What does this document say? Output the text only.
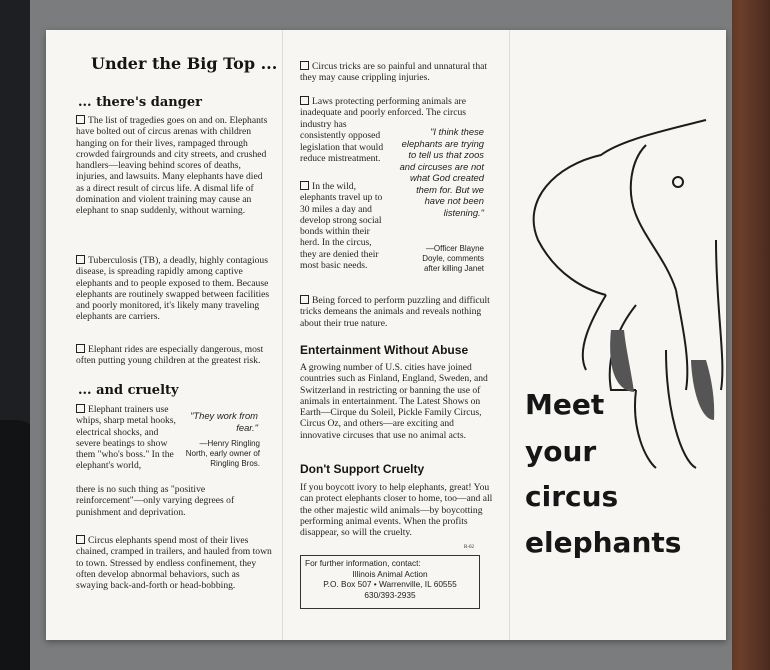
Under the Big Top ...
... there's danger
The list of tragedies goes on and on. Elephants have bolted out of circus arenas with children hanging on for their lives, rampaged through crowded fairgrounds and city streets, and crushed handlers—leaving behind scores of deaths, injuries, and lawsuits. Many elephants have died as a direct result of circus life. A dismal life of domination and violent training may cause an elephant to snap suddenly, without warning.
Tuberculosis (TB), a deadly, highly contagious disease, is spreading rapidly among captive elephants and to people exposed to them. Because elephants are routinely swapped between facilities and poorly monitored, it's likely many traveling elephants are carriers.
Elephant rides are especially dangerous, most often putting young children at the greatest risk.
... and cruelty
Elephant trainers use whips, sharp metal hooks, electrical shocks, and severe beatings to show them "who's boss." In the elephant's world,
"They work from fear."
—Henry Ringling North, early owner of Ringling Bros.
there is no such thing as "positive reinforcement"—only varying degrees of punishment and deprivation.
Circus elephants spend most of their lives chained, cramped in trailers, and hauled from town to town. Stressed by endless confinement, they often develop abnormal behaviors, such as swaying back-and-forth or head-bobbing.
Circus tricks are so painful and unnatural that they may cause crippling injuries.
Laws protecting performing animals are inadequate and poorly enforced. The circus
industry has consistently opposed legislation that would reduce mistreatment.
"I think these elephants are trying to tell us that zoos and circuses are not what God created them for. But we have not been listening."
—Officer Blayne Doyle, comments after killing Janet
In the wild, elephants travel up to 30 miles a day and develop strong social bonds within their herd. In the circus, they are denied their most basic needs.
Being forced to perform puzzling and difficult tricks demeans the animals and reveals nothing about their true nature.
Entertainment Without Abuse
A growing number of U.S. cities have joined countries such as Finland, England, Sweden, and Switzerland in restricting or banning the use of animals in entertainment. The Latest Shows on Earth—Cirque du Soleil, Pickle Family Circus, Circus Oz, and others—are exciting and innovative circuses that use no animal acts.
Don't Support Cruelty
If you boycott ivory to help elephants, great! You can protect elephants closer to home, too—and all the other majestic wild animals—by boycotting performing animal events. When the profits disappear, so will the cruelty.
R-02
For further information, contact:
Illinois Animal Action
P.O. Box 507 • Warrenville, IL 60555
630/393-2935
Meet
your
circus
elephants
